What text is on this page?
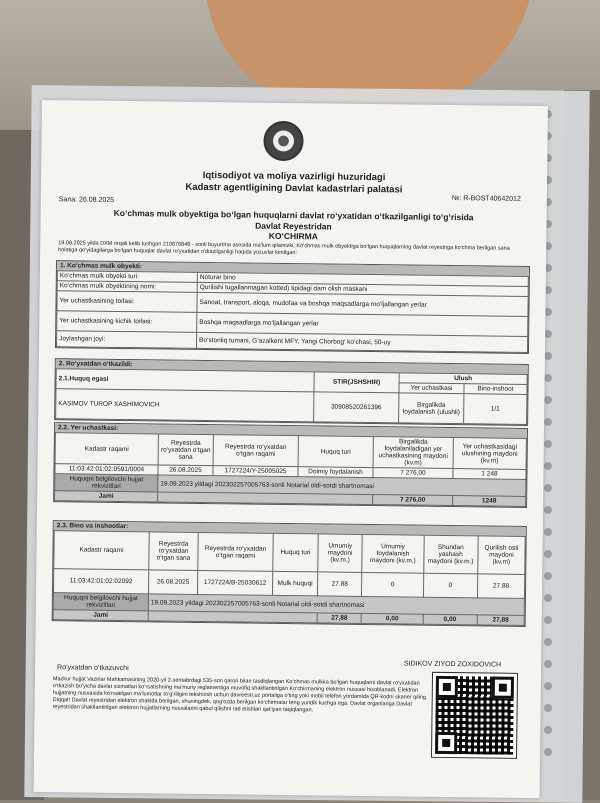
Iqtisodiyot va moliya vazirligi huzuridagi
Kadastr agentligining Davlat kadastrlari palatasi
Sana: 26.08.2025	№: R-BOST40642012
Ko‘chmas mulk obyektiga bo‘lgan huquqlarni davlat ro‘yxatidan o‘tkazilganligi to‘g‘risida
Davlat Reyestridan
KO‘CHIRMA
19.08.2025 yilda DXM orqali kelib tushgan 210676846 - sonli buyurtma asosida ma’lum qilamizki, Ko‘chmas mulk obyektiga bo‘lgan huquqlarning davlat reyestriga ko‘chma berilgan sana holatiga qo‘yidagilarga bo‘lgan huquqlar davlat ro‘yxatidan o‘tkazilganligi haqida yozuvlar kiritilgan:
1. Ko‘chmas mulk obyekti:
Ko‘chmas mulk obyekti turi:	Noturar bino
Ko‘chmas mulk obyektining nomi:	Qurilishi tugallanmagan kotted) tipidagi dam olish maskani
Yer uchastkasining toifasi:	Sanoat, transport, aloqa, mudofaa va boshqa maqsadlarga mo‘ljallangan yerlar
Yer uchastkasining kichik toifasi:	Boshqa maqsadlarga mo‘ljallangan yerlar
Joylashgan joyi:	Bo‘stonliq tumani, G‘azalkent MFY, Yangi Chorbog‘ ko‘chasi, 50-uy
2. Ro‘yxatdan o‘tkazildi:
2.1.Huquq egasi	STIR(JSHSHIR)	Ulush	
		Yer uchastkasi	Bino-inshoot
KASIMOV TUROP XASHIMOVICH	30908520261396	Birgalikda foydalanish (ulushli)	1/1
2.2. Yer uchastkasi:
Kadastr raqami	Reyestrda ro‘yxatdan o‘tgan sana	Reyestrda ro‘yxatdan o‘tgan raqami	Huquq turi	Birgalikda foydalaniladigan yer uchastkasining maydoni (kv.m)	Yer uchastkasidagi ulushining maydoni (kv.m)
11:03:42:01:02:0591/0004	26.08.2025	1727224/Y-25005025	Doimiy foydalanish	7 276,00	1 248
Huquqni belgilovchi hujjat rekvizitlari	19.09.2023 yildagi 202302257005763-sonli Notarial oldi-sotdi shartnomasi				
Jami				7 276,00	1248
2.3. Bino va inshootlar:
Kadastr raqami	Reyestrda ro‘yxatdan o‘tgan sana	Reyestrda ro‘yxatdan o‘tgan raqami	Huquq turi	Umumiy maydoni (kv.m.)	Umumiy foydalanish maydoni (kv.m.)	Shundan yashash maydoni (kv.m.)	Qurilish osti maydoni (kv.m)
11:03:42:01:02:02092	26.08.2025	1727224/B-25030612	Mulk huquqi	27.88	0	0	27.88
Huquqni belgilovchi hujjat rekvizitlari	19.09.2023 yildagi 202302257005763-sonli Notarial oldi-sotdi shartnomasi						
Jami				27,88	0,00	0,00	27,88
SIDIKOV ZIYOD ZOXIDOVICH
Ro‘yxatdan o‘tkazuvchi
Mazkur hujjat Vazirlar Mahkamasining 2020-yil 2-sentabrdagi 535-son qarori bilan tasdiqlangan Ko‘chmas mulkka bo‘lgan huquqlarni davlat ro‘yxatidan o‘tkazish bo‘yicha davlat xizmatlari ko‘rsatishning ma’muriy reglamentiga muvofiq shakllantirilgan Ko‘chirmaning elektron nusxasi hisoblanadi. Elektron hujjatning nusxasida ko‘rsatilgan ma’lumotlar to‘g‘riligini tekshirish uchun davreestr.uz portaliga o‘ting yoki mobil telefon yordamida QR-kodni skaner qiling. Diqqat! Davlat reyestridan elektron shaklda berilgan, shuningdek, qog‘ozda berilgan ko‘chirmalar teng yuridik kuchga ega. Davlat organlariga Davlat reyestridan shakllantirilgan elektron hujjatlarning nusxalarini qabul qilishni rad etishlari qat’iyan taqiqlangan.
